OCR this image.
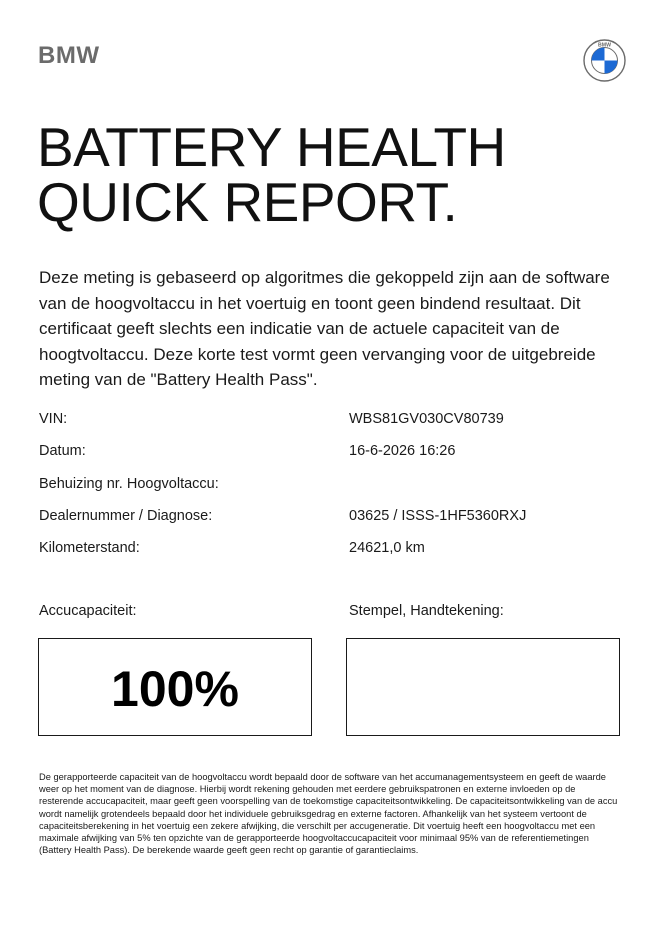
BMW	BMW
BATTERY HEALTH
QUICK REPORT.
Deze meting is gebaseerd op algoritmes die gekoppeld zijn aan de software van de hoogvoltaccu in het voertuig en toont geen bindend resultaat. Dit certificaat geeft slechts een indicatie van de actuele capaciteit van de hoogtvoltaccu. Deze korte test vormt geen vervanging voor de uitgebreide meting van de "Battery Health Pass".
VIN:	WBS81GV030CV80739
Datum:	16-6-2026 16:26
Behuizing nr. Hoogvoltaccu:
Dealernummer / Diagnose:	03625 / ISSS-1HF5360RXJ
Kilometerstand:	24621,0 km
Accucapaciteit:	Stempel, Handtekening:
100%
De gerapporteerde capaciteit van de hoogvoltaccu wordt bepaald door de software van het accumanagementsysteem en geeft de waarde weer op het moment van de diagnose. Hierbij wordt rekening gehouden met eerdere gebruikspatronen en externe invloeden op de resterende accucapaciteit, maar geeft geen voorspelling van de toekomstige capaciteitsontwikkeling. De capaciteitsontwikkeling van de accu wordt namelijk grotendeels bepaald door het individuele gebruiksgedrag en externe factoren. Afhankelijk van het systeem vertoont de capaciteitsberekening in het voertuig een zekere afwijking, die verschilt per accugeneratie. Dit voertuig heeft een hoogvoltaccu met een maximale afwijking van 5% ten opzichte van de gerapporteerde hoogvoltaccucapaciteit voor minimaal 95% van de referentiemetingen (Battery Health Pass). De berekende waarde geeft geen recht op garantie of garantieclaims.
